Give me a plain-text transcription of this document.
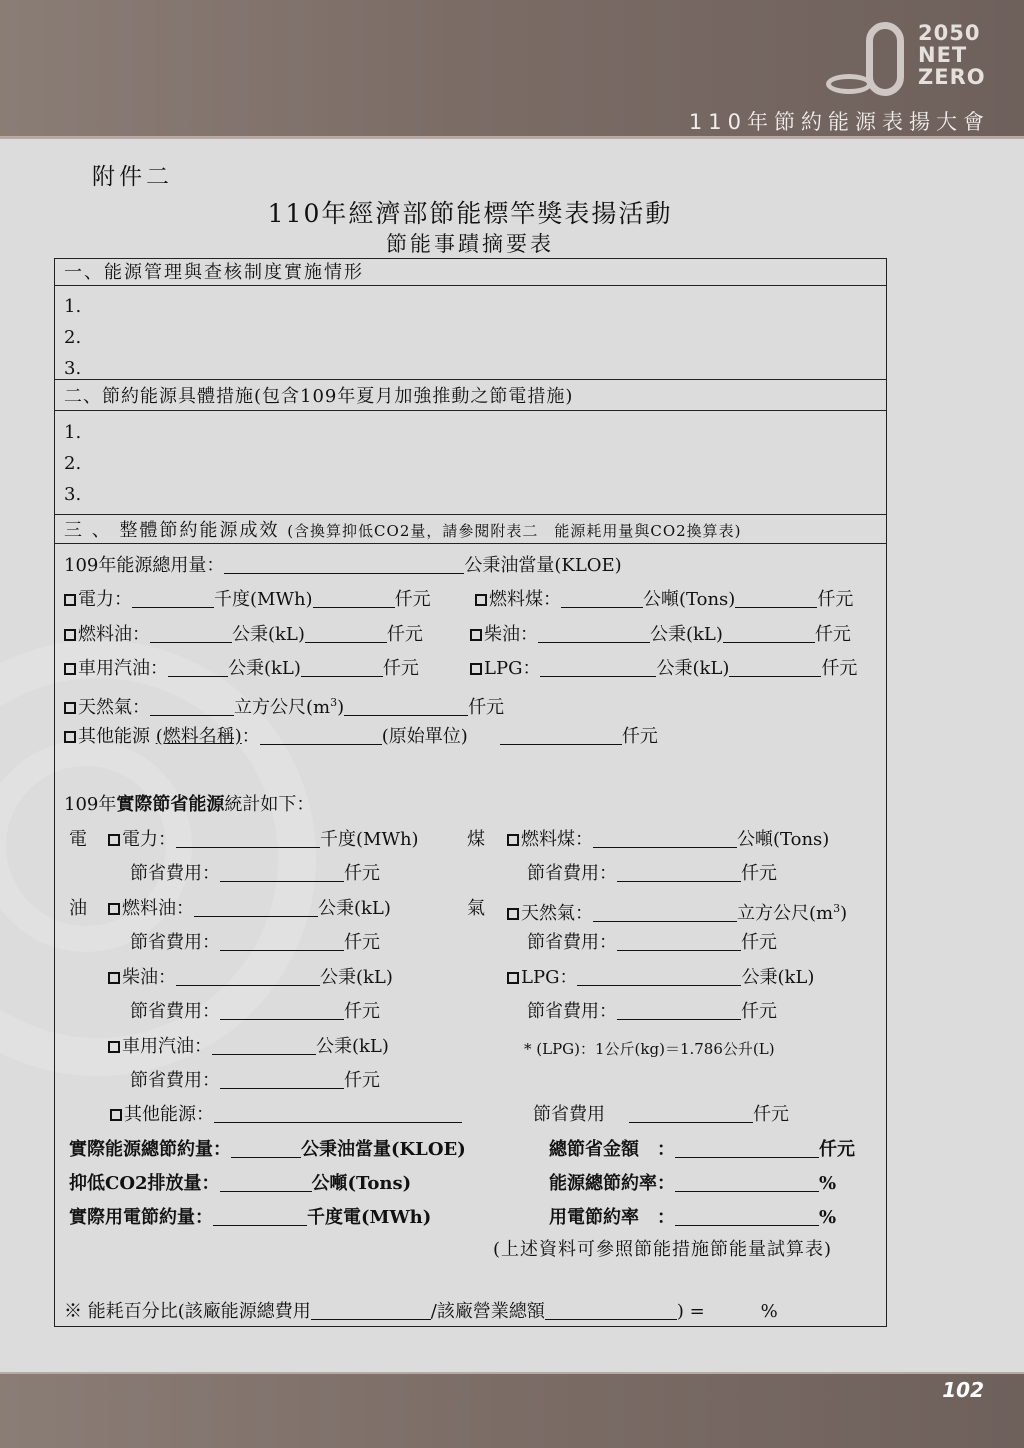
2050
NET
ZERO
110年節約能源表揚大會
附件二
110年經濟部節能標竿獎表揚活動
節能事蹟摘要表
一、能源管理與查核制度實施情形
1.
2.
3.
二、節約能源具體措施(包含109年夏月加強推動之節電措施)
1.
2.
3.
三 、 整體節約能源成效 (含換算抑低CO2量，請參閱附表二　能源耗用量與CO2換算表)
109年能源總用量：	公秉油當量(KLOE)
電力：	千度(MWh)	仟元	燃料煤：	公噸(Tons)	仟元
燃料油：	公秉(kL)	仟元	柴油：	公秉(kL)	仟元
車用汽油：	公秉(kL)	仟元	LPG：	公秉(kL)	仟元
天然氣：	立方公尺$(m^3)$	仟元
其他能源 (燃料名稱)：	(原始單位)	仟元
109年實際節省能源統計如下：
電	電力：	千度(MWh)	煤	燃料煤：	公噸(Tons)
節省費用：	仟元	節省費用：	仟元
油	燃料油：	公秉(kL)	氣	天然氣：	立方公尺$(m^3)$
節省費用：	仟元	節省費用：	仟元
柴油：	公秉(kL)	LPG：	公秉(kL)
節省費用：	仟元	節省費用：	仟元
車用汽油：	公秉(kL)	* (LPG)：1公斤(kg)＝1.786公升(L)
節省費用：	仟元
其他能源：	節省費用	仟元
實際能源總節約量：	公秉油當量(KLOE)	總節省金額　：	仟元
抑低CO2排放量：	公噸(Tons)	能源總節約率：	%
實際用電節約量：	千度電(MWh)	用電節約率　：	%
(上述資料可參照節能措施節能量試算表)
※ 能耗百分比(該廠能源總費用	/該廠營業總額	) =	%
102
